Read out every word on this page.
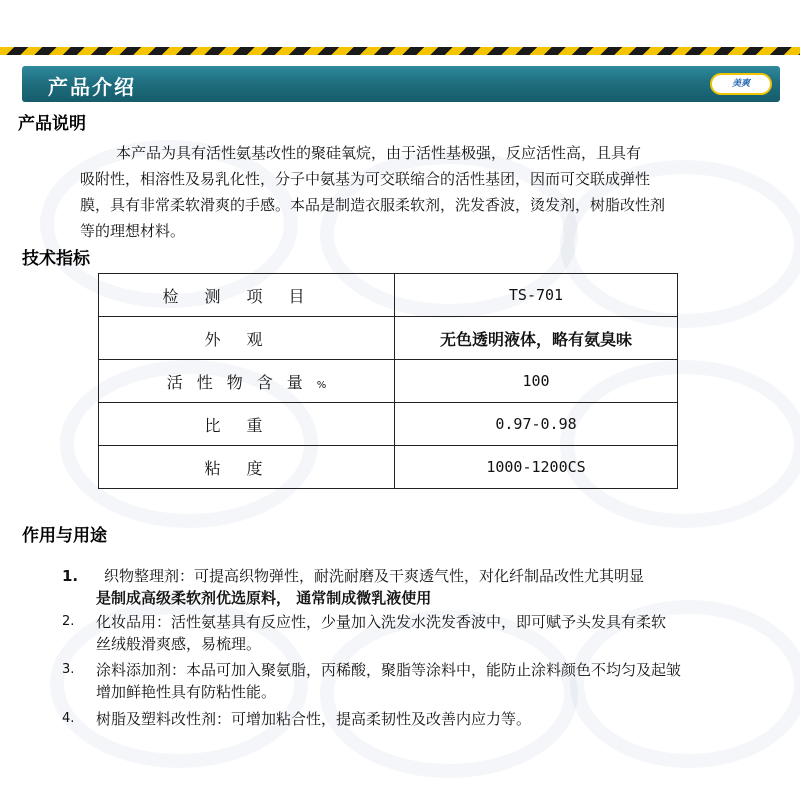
产品介绍	美爽
产品说明
本产品为具有活性氨基改性的聚硅氧烷，由于活性基极强，反应活性高，且具有
吸附性，相溶性及易乳化性，分子中氨基为可交联缩合的活性基团，因而可交联成弹性
膜，具有非常柔软滑爽的手感。本品是制造衣服柔软剂，洗发香波，烫发剂，树脂改性剂
等的理想材料。
技术指标
检测项目	TS-701
外观	无色透明液体，略有氨臭味
活性物含量%	100
比重	0.97-0.98
粘度	1000-1200CS
作用与用途
1.	织物整理剂：可提高织物弹性，耐洗耐磨及干爽透气性，对化纤制品改性尤其明显
是制成高级柔软剂优选原料， 通常制成微乳液使用
2.	化妆品用：活性氨基具有反应性，少量加入洗发水洗发香波中，即可赋予头发具有柔软
丝绒般滑爽感，易梳理。
3.	涂料添加剂：本品可加入聚氨脂，丙稀酸，聚脂等涂料中，能防止涂料颜色不均匀及起皱
增加鲜艳性具有防粘性能。
4.	树脂及塑料改性剂：可增加粘合性，提高柔韧性及改善内应力等。
